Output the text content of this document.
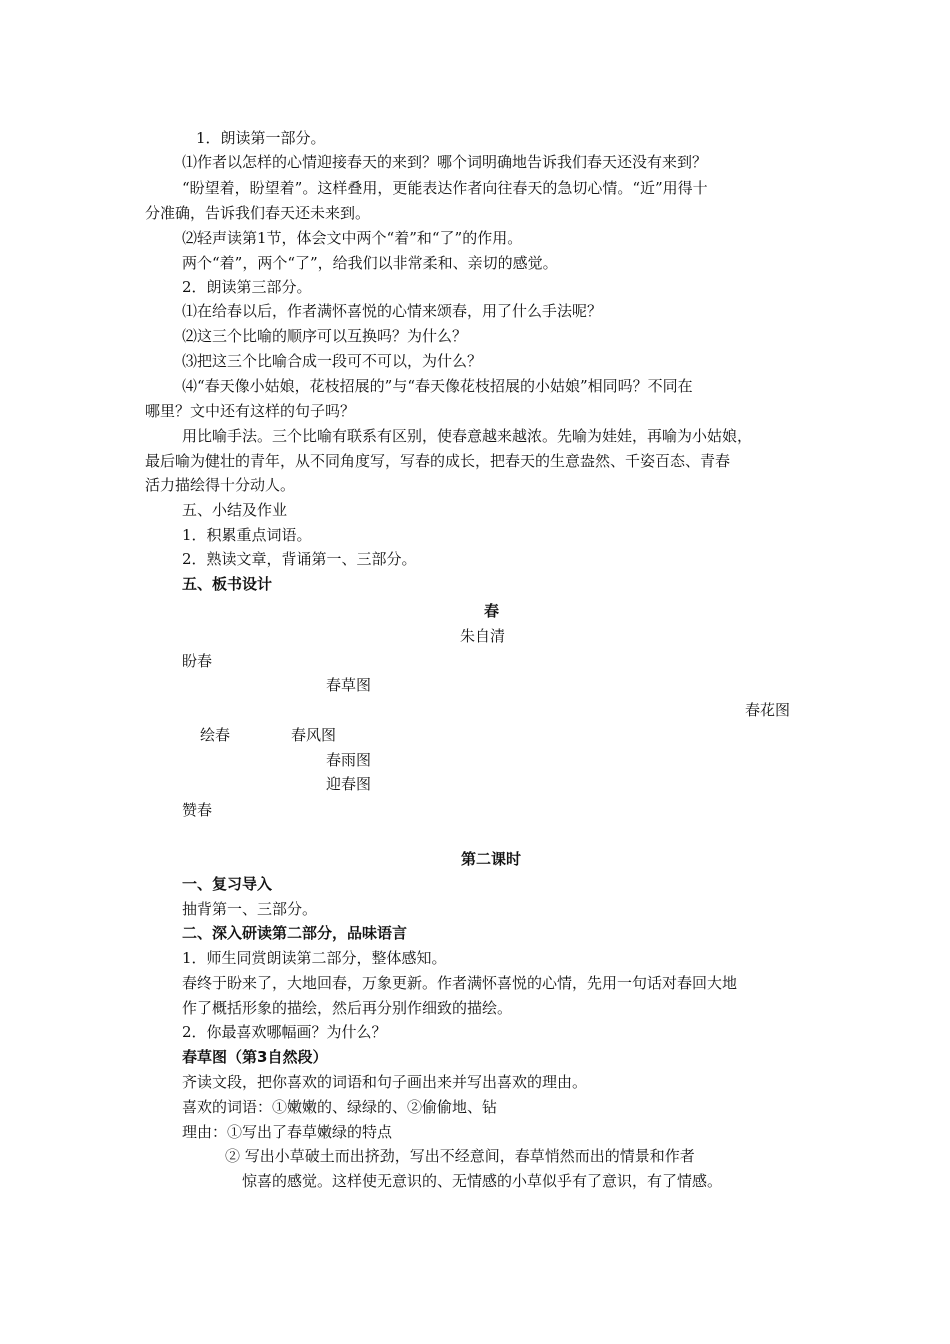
1．朗读第一部分。
⑴作者以怎样的心情迎接春天的来到？哪个词明确地告诉我们春天还没有来到？
“盼望着，盼望着”。这样叠用，更能表达作者向往春天的急切心情。“近”用得十
分准确，告诉我们春天还未来到。
⑵轻声读第1节，体会文中两个“着”和“了”的作用。
两个“着”，两个“了”，给我们以非常柔和、亲切的感觉。
2．朗读第三部分。
⑴在给春以后，作者满怀喜悦的心情来颂春，用了什么手法呢？
⑵这三个比喻的顺序可以互换吗？为什么？
⑶把这三个比喻合成一段可不可以，为什么？
⑷“春天像小姑娘，花枝招展的”与“春天像花枝招展的小姑娘”相同吗？不同在
哪里？文中还有这样的句子吗？
用比喻手法。三个比喻有联系有区别，使春意越来越浓。先喻为娃娃，再喻为小姑娘，
最后喻为健壮的青年，从不同角度写，写春的成长，把春天的生意盎然、千姿百态、青春
活力描绘得十分动人。
五、小结及作业
1．积累重点词语。
2．熟读文章，背诵第一、三部分。
五、板书设计
春
朱自清
盼春
春草图
春花图
绘春	春风图
春雨图
迎春图
赞春
第二课时
一、复习导入
抽背第一、三部分。
二、深入研读第二部分，品味语言
1．师生同赏朗读第二部分，整体感知。
春终于盼来了，大地回春，万象更新。作者满怀喜悦的心情，先用一句话对春回大地
作了概括形象的描绘，然后再分别作细致的描绘。
2．你最喜欢哪幅画？为什么？
春草图（第3自然段）
齐读文段，把你喜欢的词语和句子画出来并写出喜欢的理由。
喜欢的词语：①嫩嫩的、绿绿的、②偷偷地、钻
理由：①写出了春草嫩绿的特点
② 写出小草破土而出挤劲，写出不经意间，春草悄然而出的情景和作者
惊喜的感觉。这样使无意识的、无情感的小草似乎有了意识，有了情感。
